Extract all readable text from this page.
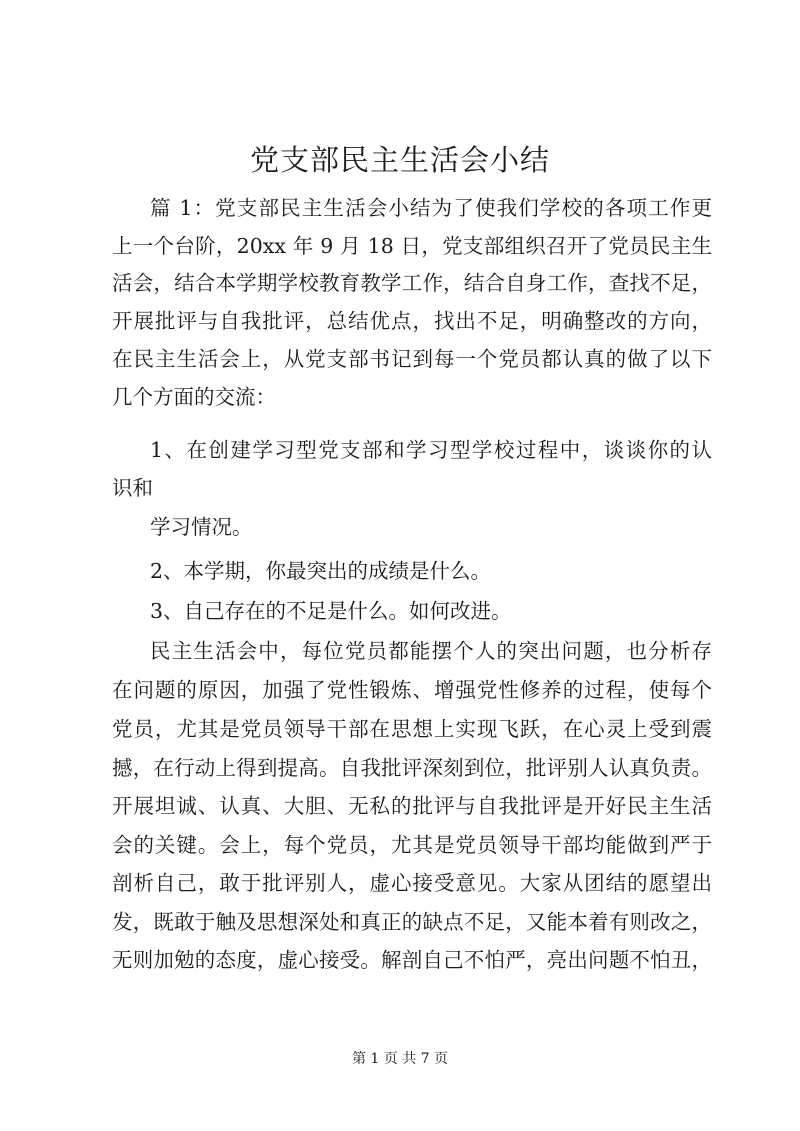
党支部民主生活会小结

篇 1：党支部民主生活会小结为了使我们学校的各项工作更

上一个台阶，20xx 年 9 月 18 日，党支部组织召开了党员民主生

活会，结合本学期学校教育教学工作，结合自身工作，查找不足，

开展批评与自我批评，总结优点，找出不足，明确整改的方向，

在民主生活会上，从党支部书记到每一个党员都认真的做了以下

几个方面的交流：

1、在创建学习型党支部和学习型学校过程中，谈谈你的认

识和

学习情况。

2、本学期，你最突出的成绩是什么。

3、自己存在的不足是什么。如何改进。

民主生活会中，每位党员都能摆个人的突出问题，也分析存

在问题的原因，加强了党性锻炼、增强党性修养的过程，使每个

党员，尤其是党员领导干部在思想上实现飞跃，在心灵上受到震

撼，在行动上得到提高。自我批评深刻到位，批评别人认真负责。

开展坦诚、认真、大胆、无私的批评与自我批评是开好民主生活

会的关键。会上，每个党员，尤其是党员领导干部均能做到严于

剖析自己，敢于批评别人，虚心接受意见。大家从团结的愿望出

发，既敢于触及思想深处和真正的缺点不足，又能本着有则改之，

无则加勉的态度，虚心接受。解剖自己不怕严，亮出问题不怕丑，

第 1 页 共 7 页
